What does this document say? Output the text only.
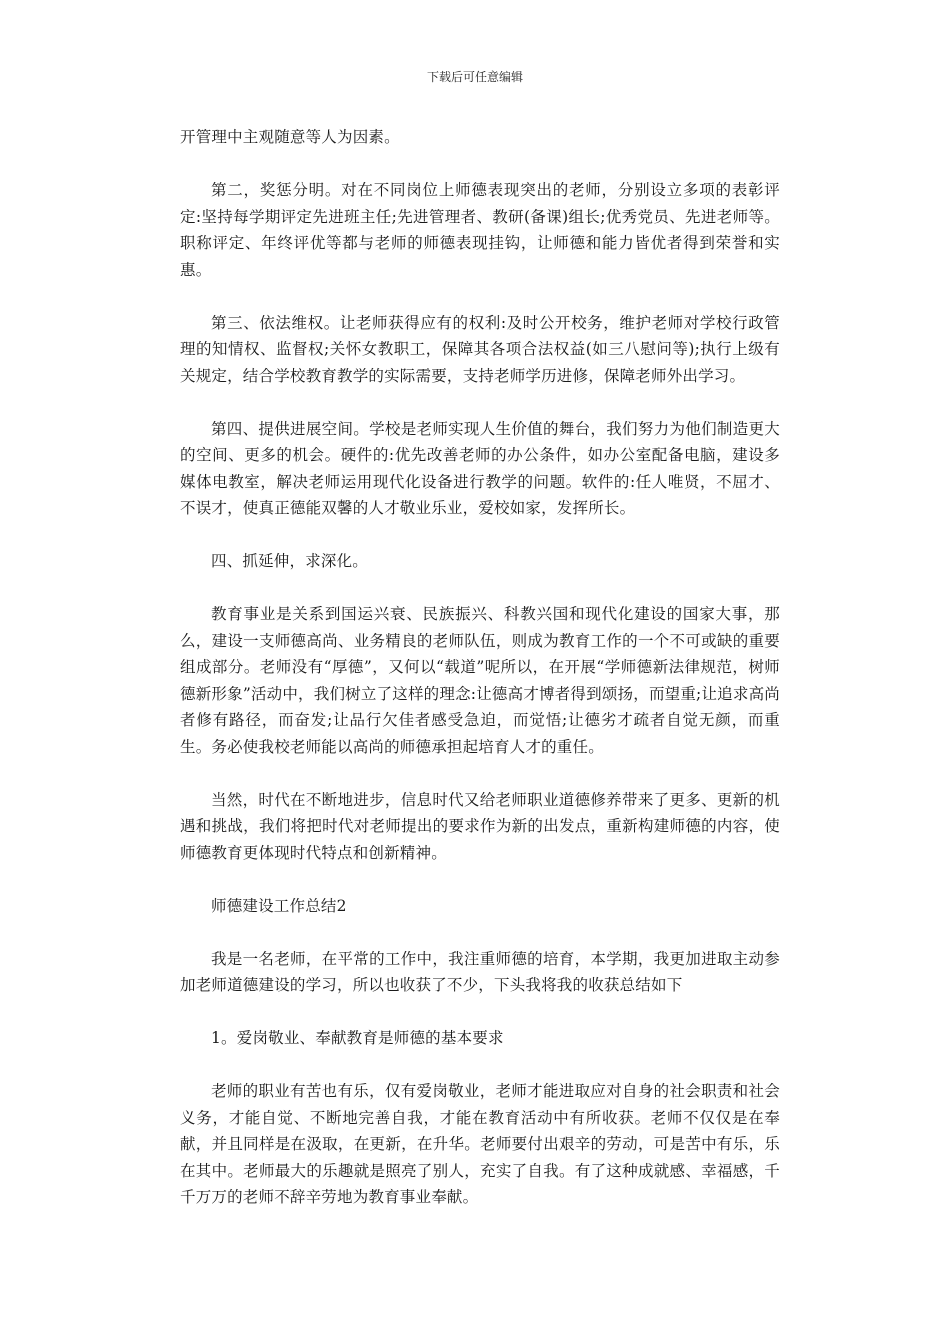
下载后可任意编辑

开管理中主观随意等人为因素。

第二，奖惩分明。对在不同岗位上师德表现突出的老师，分别设立多项的表彰评定:坚持每学期评定先进班主任;先进管理者、教研(备课)组长;优秀党员、先进老师等。职称评定、年终评优等都与老师的师德表现挂钩，让师德和能力皆优者得到荣誉和实惠。

第三、依法维权。让老师获得应有的权利:及时公开校务，维护老师对学校行政管理的知情权、监督权;关怀女教职工，保障其各项合法权益(如三八慰问等);执行上级有关规定，结合学校教育教学的实际需要，支持老师学历进修，保障老师外出学习。

第四、提供进展空间。学校是老师实现人生价值的舞台，我们努力为他们制造更大的空间、更多的机会。硬件的:优先改善老师的办公条件，如办公室配备电脑，建设多媒体电教室，解决老师运用现代化设备进行教学的问题。软件的:任人唯贤，不屈才、不误才，使真正德能双馨的人才敬业乐业，爱校如家，发挥所长。

四、抓延伸，求深化。

教育事业是关系到国运兴衰、民族振兴、科教兴国和现代化建设的国家大事，那么，建设一支师德高尚、业务精良的老师队伍，则成为教育工作的一个不可或缺的重要组成部分。老师没有“厚德”，又何以“载道”呢所以，在开展“学师德新法律规范，树师德新形象”活动中，我们树立了这样的理念:让德高才博者得到颂扬，而望重;让追求高尚者修有路径，而奋发;让品行欠佳者感受急迫，而觉悟;让德劣才疏者自觉无颜，而重生。务必使我校老师能以高尚的师德承担起培育人才的重任。

当然，时代在不断地进步，信息时代又给老师职业道德修养带来了更多、更新的机遇和挑战，我们将把时代对老师提出的要求作为新的出发点，重新构建师德的内容，使师德教育更体现时代特点和创新精神。

师德建设工作总结2

我是一名老师，在平常的工作中，我注重师德的培育，本学期，我更加进取主动参加老师道德建设的学习，所以也收获了不少，下头我将我的收获总结如下

1。爱岗敬业、奉献教育是师德的基本要求

老师的职业有苦也有乐，仅有爱岗敬业，老师才能进取应对自身的社会职责和社会义务，才能自觉、不断地完善自我，才能在教育活动中有所收获。老师不仅仅是在奉献，并且同样是在汲取，在更新，在升华。老师要付出艰辛的劳动，可是苦中有乐，乐在其中。老师最大的乐趣就是照亮了别人，充实了自我。有了这种成就感、幸福感，千千万万的老师不辞辛劳地为教育事业奉献。
